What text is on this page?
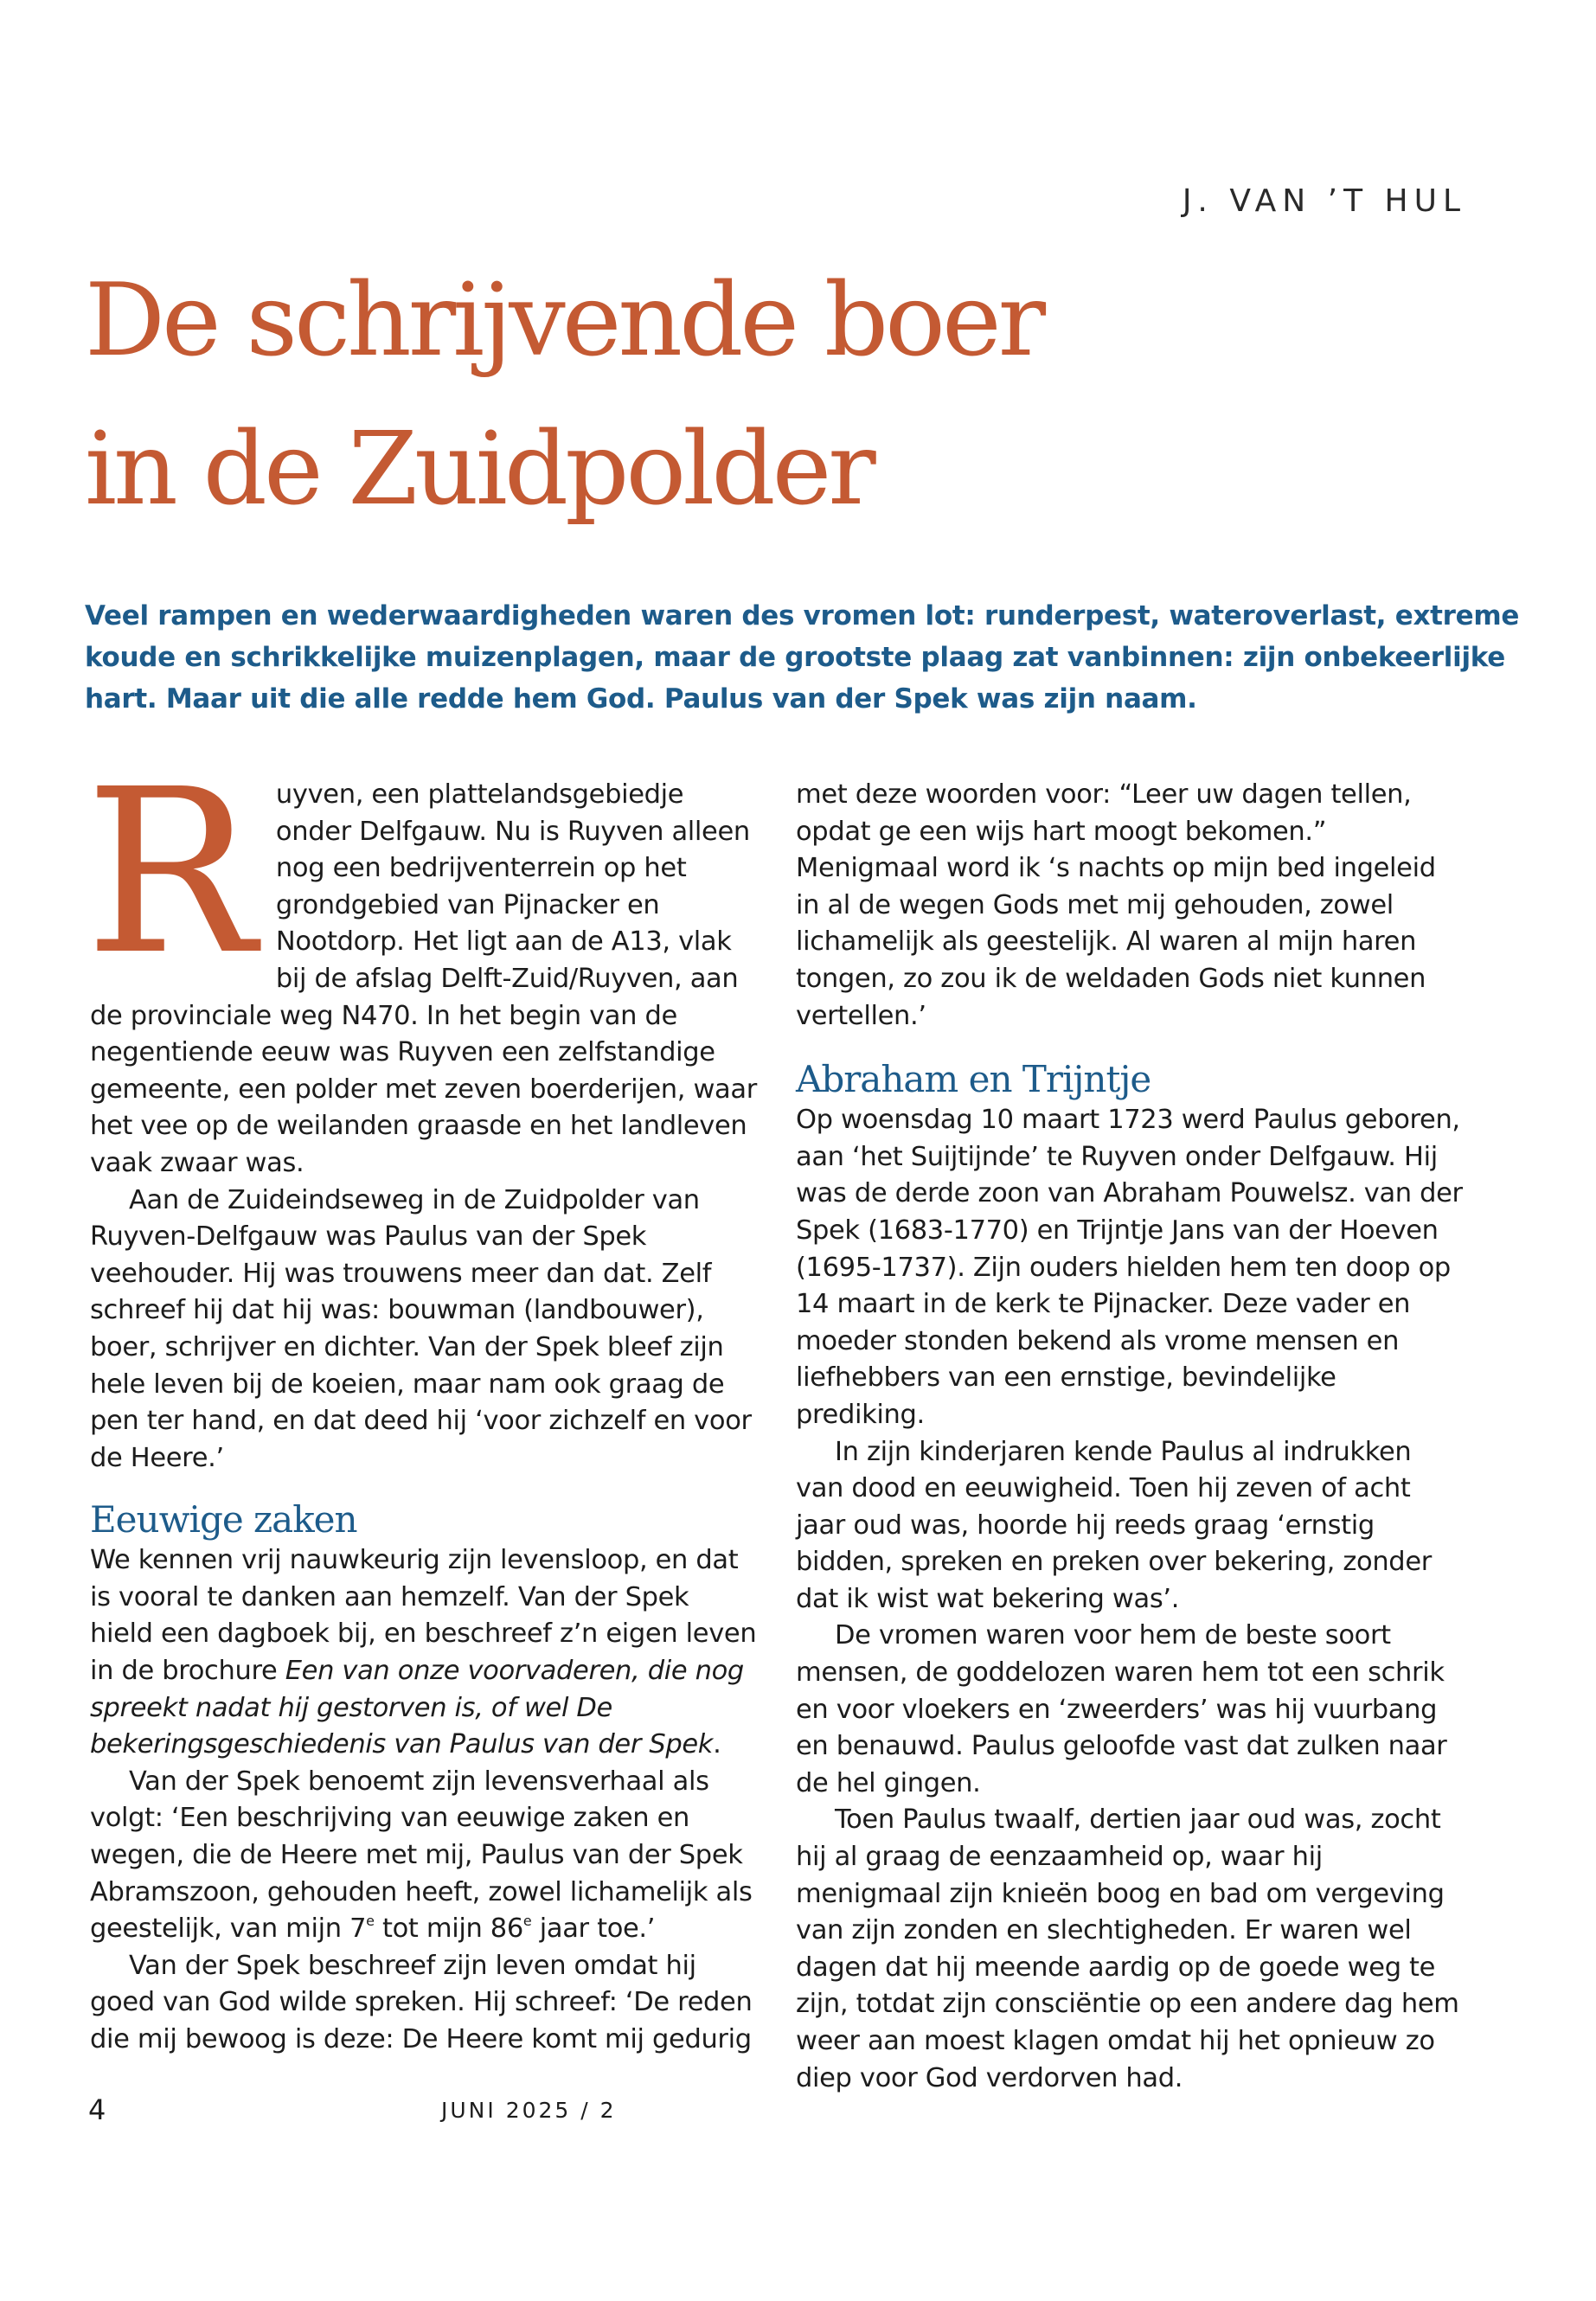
J. VAN ’T HUL
De schrijvende boer
in de Zuidpolder

Veel rampen en wederwaardigheden waren des vromen lot: runderpest, wateroverlast, extreme koude en schrikkelijke muizenplagen, maar de grootste plaag zat vanbinnen: zijn onbekeerlijke hart. Maar uit die alle redde hem God. Paulus van der Spek was zijn naam.

Ruyven, een plattelandsgebiedje onder Delfgauw. Nu is Ruyven alleen nog een bedrijventerrein op het grondgebied van Pijnacker en Nootdorp. Het ligt aan de A13, vlak bij de afslag Delft-Zuid/Ruyven, aan de provinciale weg N470. In het begin van de negentiende eeuw was Ruyven een zelfstandige gemeente, een polder met zeven boerderijen, waar het vee op de weilanden graasde en het landleven vaak zwaar was.

Aan de Zuideindseweg in de Zuidpolder van Ruyven-Delfgauw was Paulus van der Spek veehouder. Hij was trouwens meer dan dat. Zelf schreef hij dat hij was: bouwman (landbouwer), boer, schrijver en dichter. Van der Spek bleef zijn hele leven bij de koeien, maar nam ook graag de pen ter hand, en dat deed hij ‘voor zichzelf en voor de Heere.’

Eeuwige zaken

We kennen vrij nauwkeurig zijn levensloop, en dat is vooral te danken aan hemzelf. Van der Spek hield een dagboek bij, en beschreef z’n eigen leven in de brochure Een van onze voorvaderen, die nog spreekt nadat hij gestorven is, of wel De bekeringsgeschiedenis van Paulus van der Spek.

Van der Spek benoemt zijn levensverhaal als volgt: ‘Een beschrijving van eeuwige zaken en wegen, die de Heere met mij, Paulus van der Spek Abramszoon, gehouden heeft, zowel lichamelijk als geestelijk, van mijn 7e tot mijn 86e jaar toe.’

Van der Spek beschreef zijn leven omdat hij goed van God wilde spreken. Hij schreef: ‘De reden die mij bewoog is deze: De Heere komt mij gedurig

met deze woorden voor: “Leer uw dagen tellen, opdat ge een wijs hart moogt bekomen.” Menigmaal word ik ‘s nachts op mijn bed ingeleid in al de wegen Gods met mij gehouden, zowel lichamelijk als geestelijk. Al waren al mijn haren tongen, zo zou ik de weldaden Gods niet kunnen vertellen.’

Abraham en Trijntje

Op woensdag 10 maart 1723 werd Paulus geboren, aan ‘het Suijtijnde’ te Ruyven onder Delfgauw. Hij was de derde zoon van Abraham Pouwelsz. van der Spek (1683-1770) en Trijntje Jans van der Hoeven (1695-1737). Zijn ouders hielden hem ten doop op 14 maart in de kerk te Pijnacker. Deze vader en moeder stonden bekend als vrome mensen en liefhebbers van een ernstige, bevindelijke prediking.

In zijn kinderjaren kende Paulus al indrukken van dood en eeuwigheid. Toen hij zeven of acht jaar oud was, hoorde hij reeds graag ‘ernstig bidden, spreken en preken over bekering, zonder dat ik wist wat bekering was’.

De vromen waren voor hem de beste soort mensen, de goddelozen waren hem tot een schrik en voor vloekers en ‘zweerders’ was hij vuurbang en benauwd. Paulus geloofde vast dat zulken naar de hel gingen.

Toen Paulus twaalf, dertien jaar oud was, zocht hij al graag de eenzaamheid op, waar hij menigmaal zijn knieën boog en bad om vergeving van zijn zonden en slechtigheden. Er waren wel dagen dat hij meende aardig op de goede weg te zijn, totdat zijn consciëntie op een andere dag hem weer aan moest klagen omdat hij het opnieuw zo diep voor God verdorven had.

4	JUNI 2025 / 2
